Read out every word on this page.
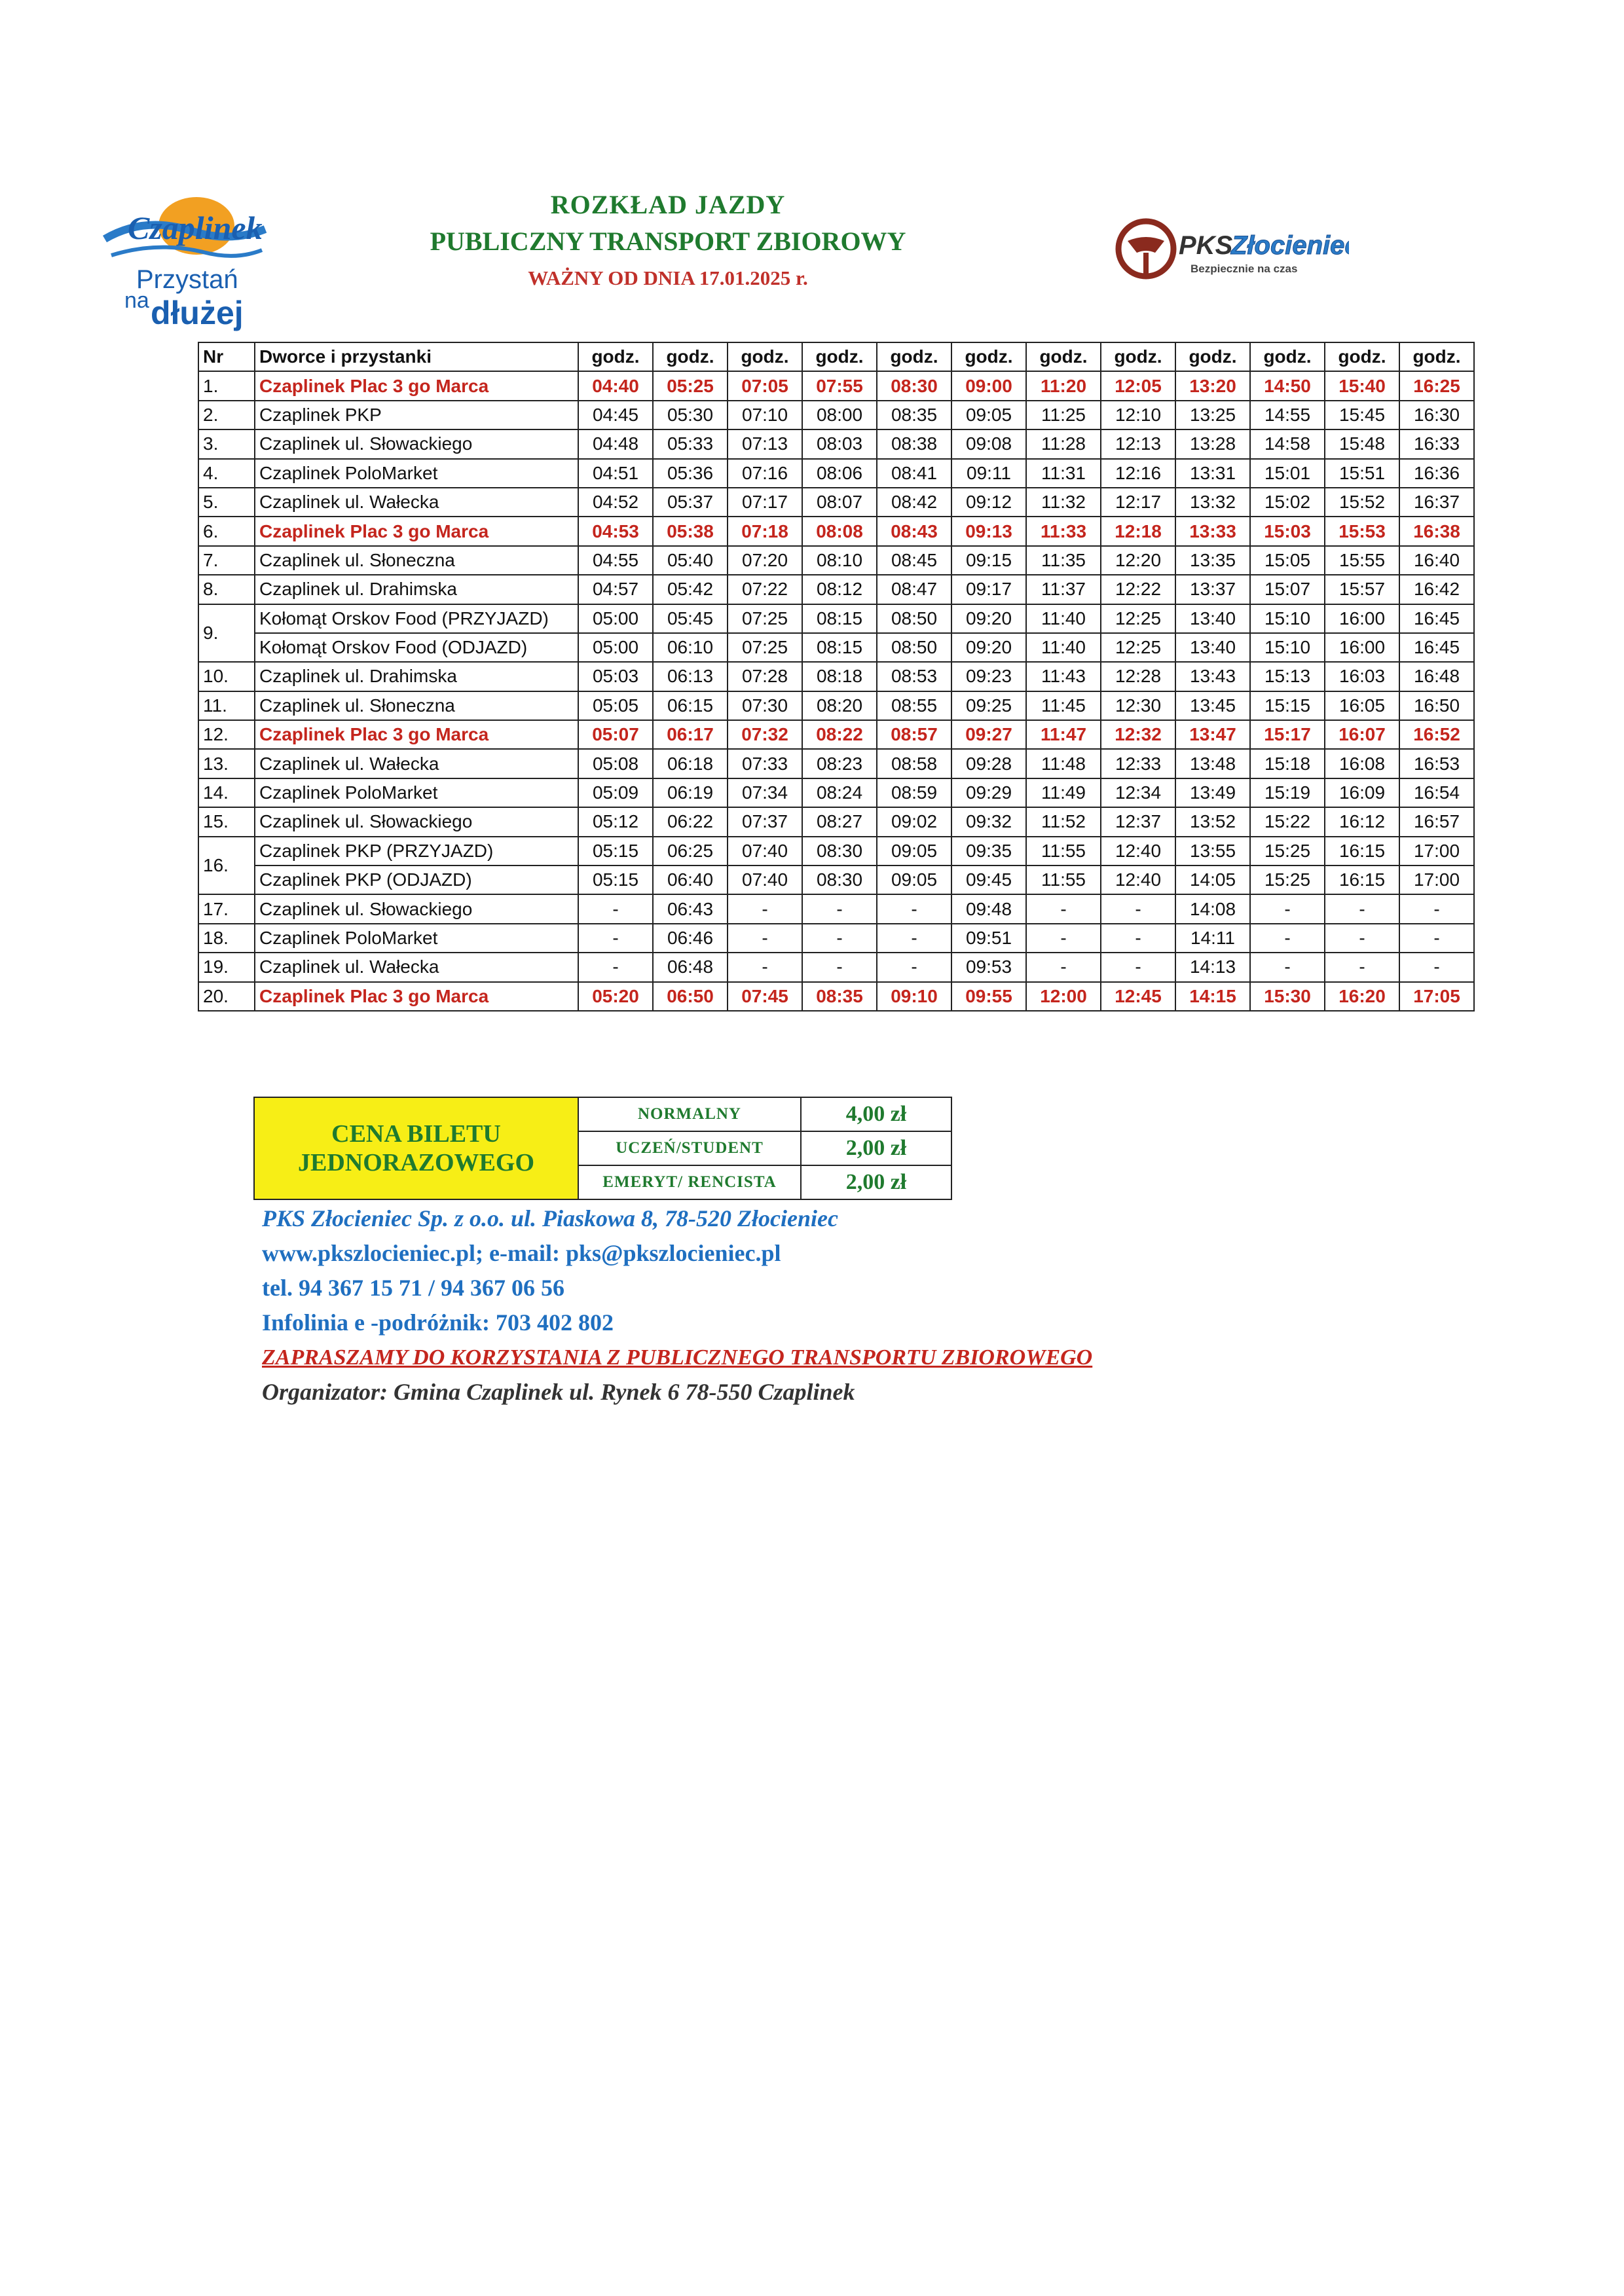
Czaplinek
Przystań
na dłużej
ROZKŁAD JAZDY
PUBLICZNY TRANSPORT ZBIOROWY
WAŻNY OD DNIA 17.01.2025 r.
PKS
Złocieniec
Bezpiecznie na czas
Nr	Dworce i przystanki	godz.	godz.	godz.	godz.	godz.	godz.	godz.	godz.	godz.	godz.	godz.	godz.
1.	Czaplinek Plac 3 go Marca	04:40	05:25	07:05	07:55	08:30	09:00	11:20	12:05	13:20	14:50	15:40	16:25
2.	Czaplinek PKP	04:45	05:30	07:10	08:00	08:35	09:05	11:25	12:10	13:25	14:55	15:45	16:30
3.	Czaplinek ul. Słowackiego	04:48	05:33	07:13	08:03	08:38	09:08	11:28	12:13	13:28	14:58	15:48	16:33
4.	Czaplinek PoloMarket	04:51	05:36	07:16	08:06	08:41	09:11	11:31	12:16	13:31	15:01	15:51	16:36
5.	Czaplinek ul. Wałecka	04:52	05:37	07:17	08:07	08:42	09:12	11:32	12:17	13:32	15:02	15:52	16:37
6.	Czaplinek Plac 3 go Marca	04:53	05:38	07:18	08:08	08:43	09:13	11:33	12:18	13:33	15:03	15:53	16:38
7.	Czaplinek ul. Słoneczna	04:55	05:40	07:20	08:10	08:45	09:15	11:35	12:20	13:35	15:05	15:55	16:40
8.	Czaplinek ul. Drahimska	04:57	05:42	07:22	08:12	08:47	09:17	11:37	12:22	13:37	15:07	15:57	16:42
9.	Kołomąt Orskov Food (PRZYJAZD)	05:00	05:45	07:25	08:15	08:50	09:20	11:40	12:25	13:40	15:10	16:00	16:45
	Kołomąt Orskov Food (ODJAZD)	05:00	06:10	07:25	08:15	08:50	09:20	11:40	12:25	13:40	15:10	16:00	16:45
10.	Czaplinek ul. Drahimska	05:03	06:13	07:28	08:18	08:53	09:23	11:43	12:28	13:43	15:13	16:03	16:48
11.	Czaplinek ul. Słoneczna	05:05	06:15	07:30	08:20	08:55	09:25	11:45	12:30	13:45	15:15	16:05	16:50
12.	Czaplinek Plac 3 go Marca	05:07	06:17	07:32	08:22	08:57	09:27	11:47	12:32	13:47	15:17	16:07	16:52
13.	Czaplinek ul. Wałecka	05:08	06:18	07:33	08:23	08:58	09:28	11:48	12:33	13:48	15:18	16:08	16:53
14.	Czaplinek PoloMarket	05:09	06:19	07:34	08:24	08:59	09:29	11:49	12:34	13:49	15:19	16:09	16:54
15.	Czaplinek ul. Słowackiego	05:12	06:22	07:37	08:27	09:02	09:32	11:52	12:37	13:52	15:22	16:12	16:57
16.	Czaplinek PKP (PRZYJAZD)	05:15	06:25	07:40	08:30	09:05	09:35	11:55	12:40	13:55	15:25	16:15	17:00
	Czaplinek PKP (ODJAZD)	05:15	06:40	07:40	08:30	09:05	09:45	11:55	12:40	14:05	15:25	16:15	17:00
17.	Czaplinek ul. Słowackiego	-	06:43	-	-	-	09:48	-	-	14:08	-	-	-
18.	Czaplinek PoloMarket	-	06:46	-	-	-	09:51	-	-	14:11	-	-	-
19.	Czaplinek ul. Wałecka	-	06:48	-	-	-	09:53	-	-	14:13	-	-	-
20.	Czaplinek Plac 3 go Marca	05:20	06:50	07:45	08:35	09:10	09:55	12:00	12:45	14:15	15:30	16:20	17:05
CENA BILETU
JEDNORAZOWEGO	NORMALNY	4,00 zł
	UCZEŃ/STUDENT	2,00 zł
	EMERYT/ RENCISTA	2,00 zł
PKS Złocieniec Sp. z o.o. ul. Piaskowa 8, 78-520 Złocieniec
www.pkszlocieniec.pl; e-mail: pks@pkszlocieniec.pl
tel. 94 367 15 71 / 94 367 06 56
Infolinia e -podróżnik: 703 402 802
ZAPRASZAMY DO KORZYSTANIA Z PUBLICZNEGO TRANSPORTU ZBIOROWEGO
Organizator: Gmina Czaplinek ul. Rynek 6 78-550 Czaplinek
